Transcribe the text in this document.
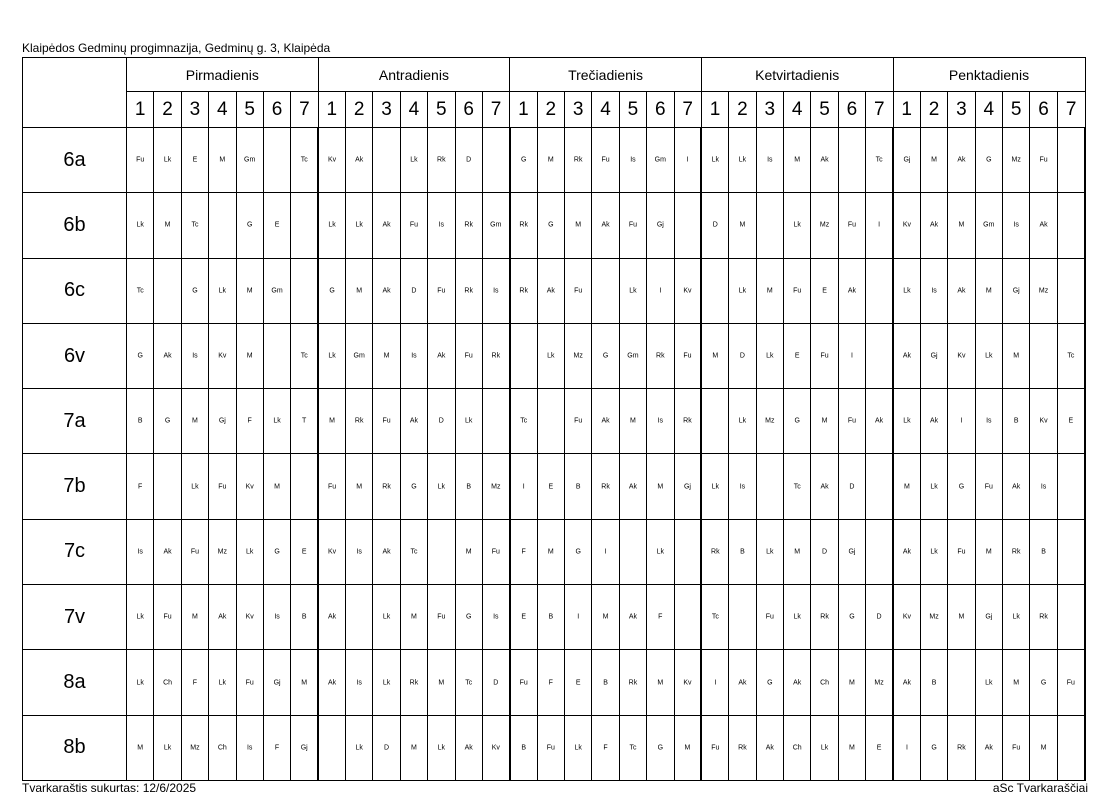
Klaipėdos Gedminų progimnazija, Gedminų g. 3, Klaipėda
	Pirmadienis							Antradienis							Trečiadienis							Ketvirtadienis							Penktadienis						
	1	2	3	4	5	6	7	1	2	3	4	5	6	7	1	2	3	4	5	6	7	1	2	3	4	5	6	7	1	2	3	4	5	6	7
6a	Fu	Lk	E	M	Gm		Tc	Kv	Ak		Lk	Rk	D		G	M	Rk	Fu	Is	Gm	I	Lk	Lk	Is	M	Ak		Tc	Gj	M	Ak	G	Mz	Fu	

6b	Lk	M	Tc		G	E		Lk	Lk	Ak	Fu	Is	Rk	Gm	Rk	G	M	Ak	Fu	Gj		D	M		Lk	Mz	Fu	I	Kv	Ak	M	Gm	Is	Ak	

6c	Tc		G	Lk	M	Gm		G	M	Ak	D	Fu	Rk	Is	Rk	Ak	Fu		Lk	I	Kv		Lk	M	Fu	E	Ak		Lk	Is	Ak	M	Gj	Mz	

6v	G	Ak	Is	Kv	M		Tc	Lk	Gm	M	Is	Ak	Fu	Rk		Lk	Mz	G	Gm	Rk	Fu	M	D	Lk	E	Fu	I		Ak	Gj	Kv	Lk	M		Tc

7a	B	G	M	Gj	F	Lk	T	M	Rk	Fu	Ak	D	Lk		Tc		Fu	Ak	M	Is	Rk		Lk	Mz	G	M	Fu	Ak	Lk	Ak	I	Is	B	Kv	E

7b	F		Lk	Fu	Kv	M		Fu	M	Rk	G	Lk	B	Mz	I	E	B	Rk	Ak	M	Gj	Lk	Is		Tc	Ak	D		M	Lk	G	Fu	Ak	Is	

7c	Is	Ak	Fu	Mz	Lk	G	E	Kv	Is	Ak	Tc		M	Fu	F	M	G	I		Lk		Rk	B	Lk	M	D	Gj		Ak	Lk	Fu	M	Rk	B	

7v	Lk	Fu	M	Ak	Kv	Is	B	Ak		Lk	M	Fu	G	Is	E	B	I	M	Ak	F		Tc		Fu	Lk	Rk	G	D	Kv	Mz	M	Gj	Lk	Rk	

8a	Lk	Ch	F	Lk	Fu	Gj	M	Ak	Is	Lk	Rk	M	Tc	D	Fu	F	E	B	Rk	M	Kv	I	Ak	G	Ak	Ch	M	Mz	Ak	B		Lk	M	G	Fu

8b	M	Lk	Mz	Ch	Is	F	Gj		Lk	D	M	Lk	Ak	Kv	B	Fu	Lk	F	Tc	G	M	Fu	Rk	Ak	Ch	Lk	M	E	I	G	Rk	Ak	Fu	M	

Tvarkaraštis sukurtas: 12/6/2025	aSc Tvarkaraščiai
